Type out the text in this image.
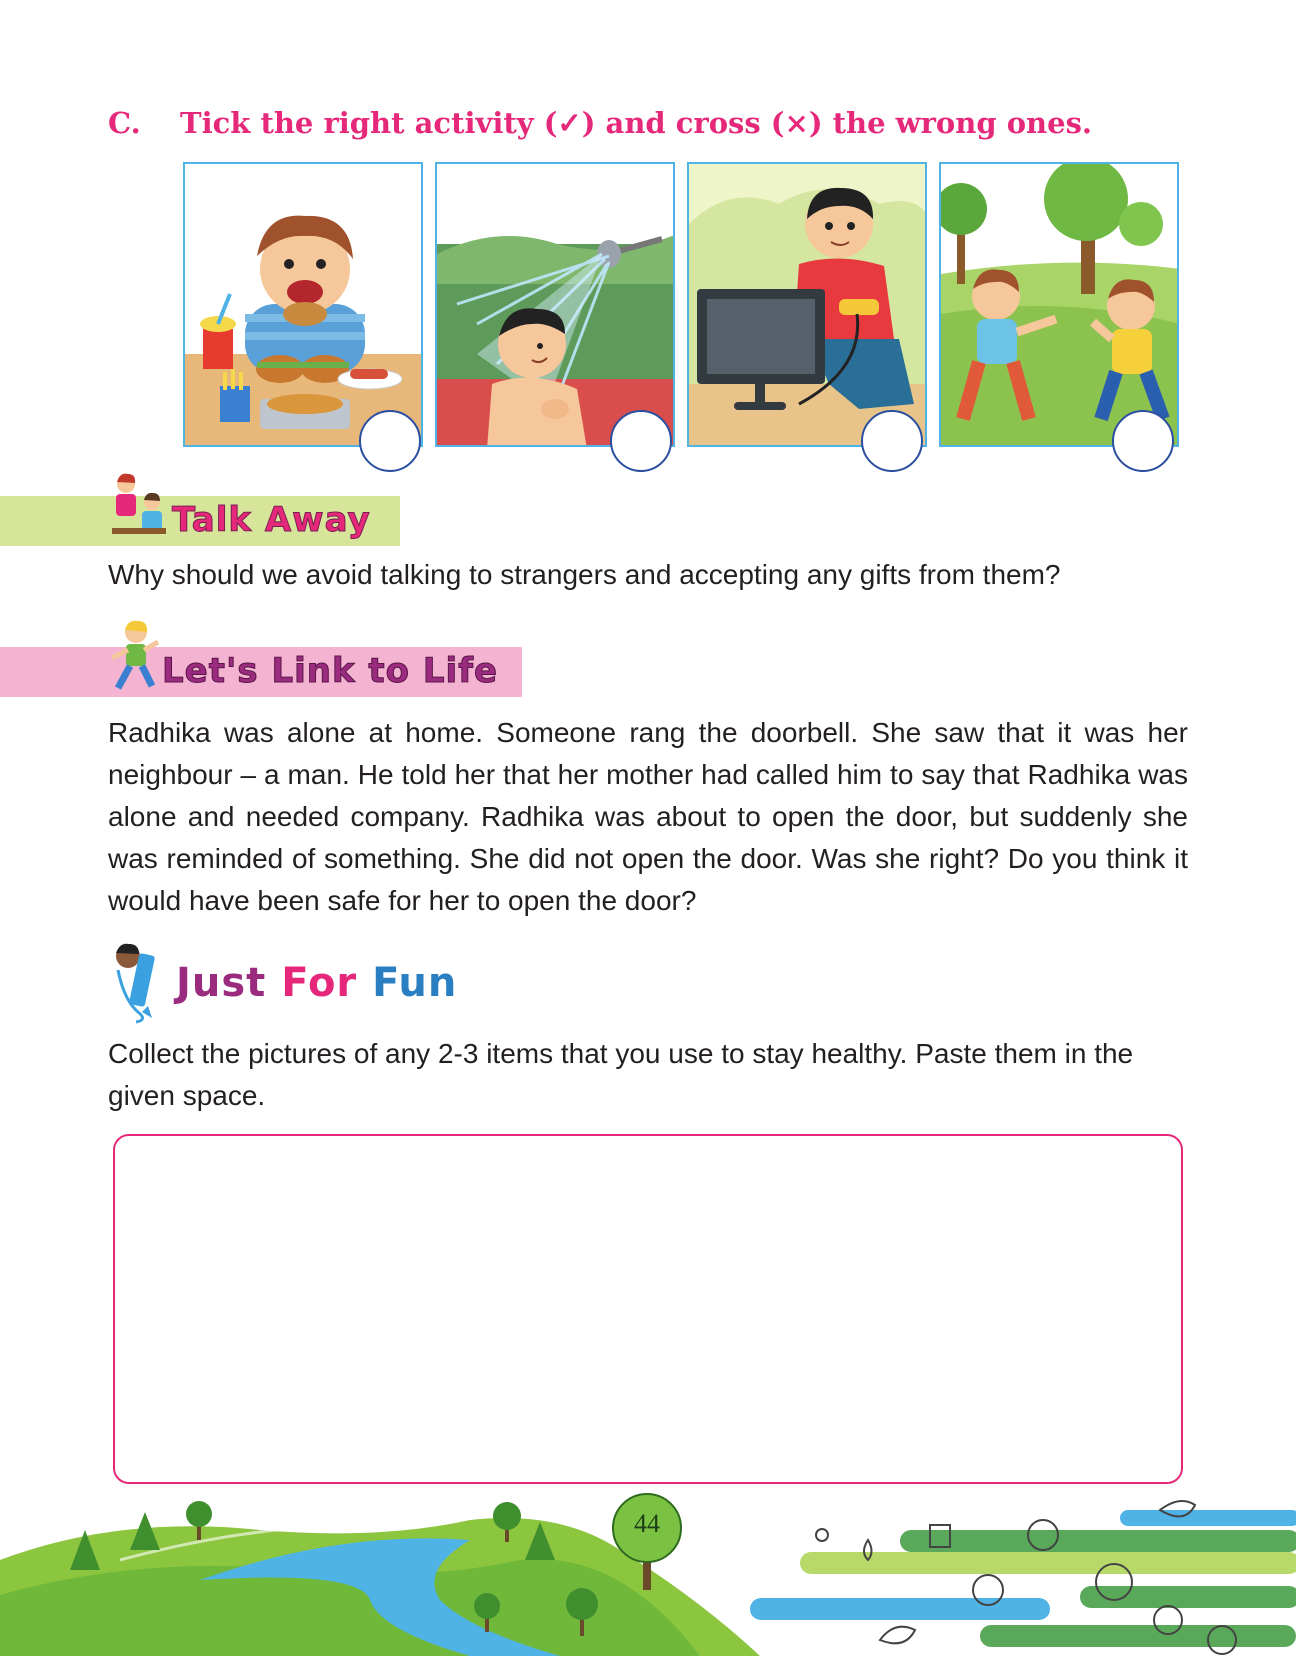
C. Tick the right activity (✓) and cross (×) the wrong ones.
Talk Away
Why should we avoid talking to strangers and accepting any gifts from them?
Let's Link to Life
Radhika was alone at home. Someone rang the doorbell. She saw that it was her neighbour – a man. He told her that her mother had called him to say that Radhika was alone and needed company. Radhika was about to open the door, but suddenly she was reminded of something. She did not open the door. Was she right? Do you think it would have been safe for her to open the door?
Just For Fun
Collect the pictures of any 2-3 items that you use to stay healthy. Paste them in the given space.
44
